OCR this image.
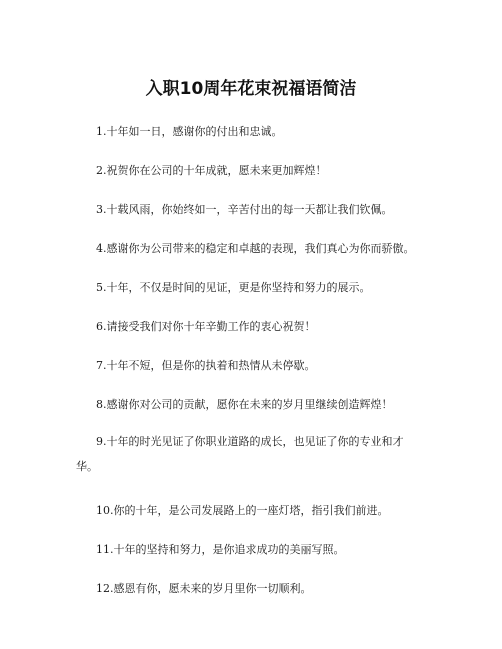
入职10周年花束祝福语简洁
1.十年如一日，感谢你的付出和忠诚。
2.祝贺你在公司的十年成就，愿未来更加辉煌！
3.十载风雨，你始终如一，辛苦付出的每一天都让我们钦佩。
4.感谢你为公司带来的稳定和卓越的表现，我们真心为你而骄傲。
5.十年，不仅是时间的见证，更是你坚持和努力的展示。
6.请接受我们对你十年辛勤工作的衷心祝贺！
7.十年不短，但是你的执着和热情从未停歇。
8.感谢你对公司的贡献，愿你在未来的岁月里继续创造辉煌！
9.十年的时光见证了你职业道路的成长，也见证了你的专业和才华。
10.你的十年，是公司发展路上的一座灯塔，指引我们前进。
11.十年的坚持和努力，是你追求成功的美丽写照。
12.感恩有你，愿未来的岁月里你一切顺利。
